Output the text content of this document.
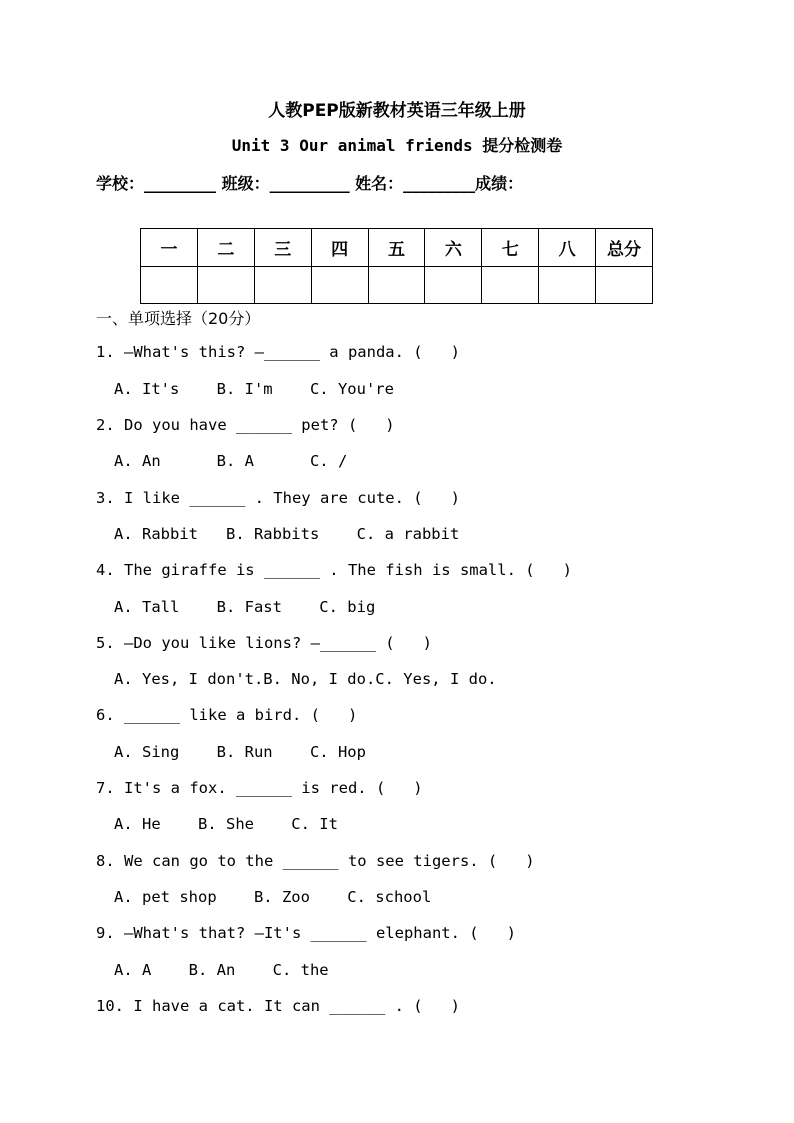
人教PEP版新教材英语三年级上册
Unit 3 Our animal friends 提分检测卷
学校：_________ 班级：__________ 姓名：_________成绩：
一	二	三	四	五	六	七	八	总分

一、单项选择（20分）
1. —What's this? —______ a panda. (   )
A. It's    B. I'm    C. You're
2. Do you have ______ pet? (   )
A. An      B. A      C. /
3. I like ______ . They are cute. (   )
A. Rabbit   B. Rabbits    C. a rabbit
4. The giraffe is ______ . The fish is small. (   )
A. Tall    B. Fast    C. big
5. —Do you like lions? —______ (   )
A. Yes, I don't.B. No, I do.C. Yes, I do.
6. ______ like a bird. (   )
A. Sing    B. Run    C. Hop
7. It's a fox. ______ is red. (   )
A. He    B. She    C. It
8. We can go to the ______ to see tigers. (   )
A. pet shop    B. Zoo    C. school
9. —What's that? —It's ______ elephant. (   )
A. A    B. An    C. the
10. I have a cat. It can ______ . (   )
